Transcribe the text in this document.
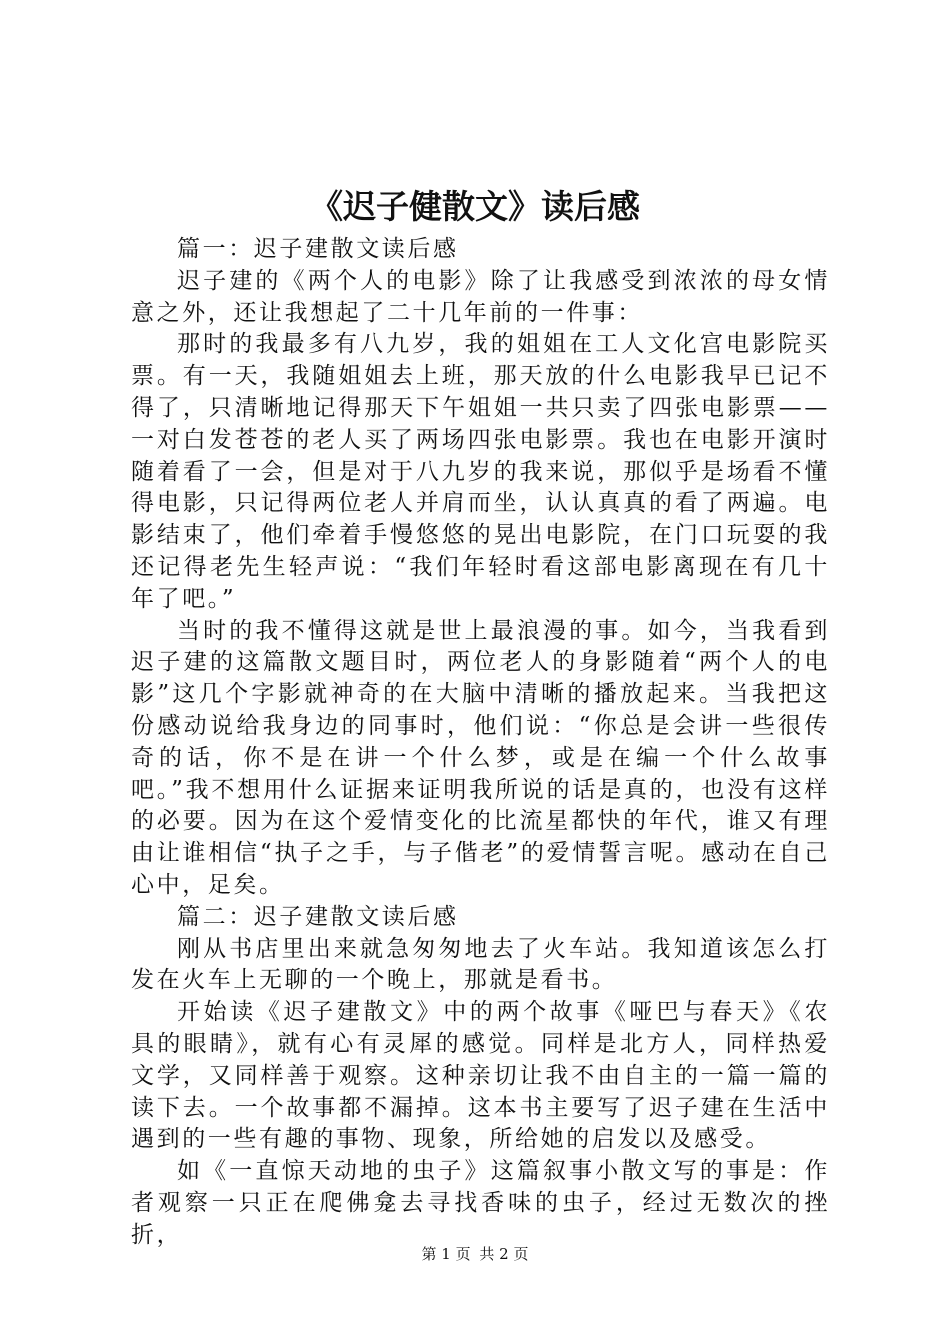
《迟子健散文》读后感

篇一：迟子建散文读后感

迟子建的《两个人的电影》除了让我感受到浓浓的母女情意之外，还让我想起了二十几年前的一件事：

那时的我最多有八九岁，我的姐姐在工人文化宫电影院买票。有一天，我随姐姐去上班，那天放的什么电影我早已记不得了，只清晰地记得那天下午姐姐一共只卖了四张电影票——一对白发苍苍的老人买了两场四张电影票。我也在电影开演时随着看了一会，但是对于八九岁的我来说，那似乎是场看不懂得电影，只记得两位老人并肩而坐，认认真真的看了两遍。电影结束了，他们牵着手慢悠悠的晃出电影院，在门口玩耍的我还记得老先生轻声说：“我们年轻时看这部电影离现在有几十年了吧。”

当时的我不懂得这就是世上最浪漫的事。如今，当我看到迟子建的这篇散文题目时，两位老人的身影随着“两个人的电影”这几个字影就神奇的在大脑中清晰的播放起来。当我把这份感动说给我身边的同事时，他们说：“你总是会讲一些很传奇的话，你不是在讲一个什么梦，或是在编一个什么故事吧。”我不想用什么证据来证明我所说的话是真的，也没有这样的必要。因为在这个爱情变化的比流星都快的年代，谁又有理由让谁相信“执子之手，与子偕老”的爱情誓言呢。感动在自己心中，足矣。

篇二：迟子建散文读后感

刚从书店里出来就急匆匆地去了火车站。我知道该怎么打发在火车上无聊的一个晚上，那就是看书。

开始读《迟子建散文》中的两个故事《哑巴与春天》《农具的眼睛》，就有心有灵犀的感觉。同样是北方人，同样热爱文学，又同样善于观察。这种亲切让我不由自主的一篇一篇的读下去。一个故事都不漏掉。这本书主要写了迟子建在生活中遇到的一些有趣的事物、现象，所给她的启发以及感受。

如《一直惊天动地的虫子》这篇叙事小散文写的事是：作者观察一只正在爬佛龛去寻找香味的虫子，经过无数次的挫折，

第 1 页 共 2 页
